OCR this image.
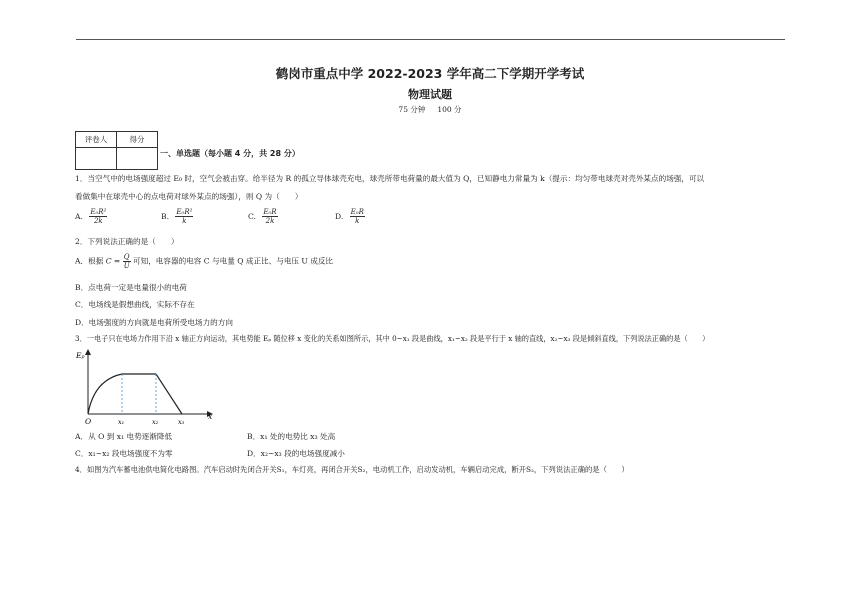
鹤岗市重点中学 2022-2023 学年高二下学期开学考试
物理试题
75 分钟 100 分
评卷人	得分

一、单选题（每小题 4 分，共 28 分）
1．当空气中的电场强度超过 E₀ 时，空气会被击穿。给半径为 R 的孤立导体球壳充电，球壳所带电荷量的最大值为 Q，已知静电力常量为 k（提示：均匀带电球壳对壳外某点的场强，可以
看做集中在球壳中心的点电荷对球外某点的场强），则 Q 为（　　）
A. $\frac{\text{E₀R²}}{2k}$	B. $\frac{\text{E₀R²}}{k}$	C. $\frac{\text{E₀R}}{2k}$	D. $\frac{\text{E₀R}}{k}$
2．下列说法正确的是（　　）
A．根据 $C = \frac{Q}{U}$ 可知，电容器的电容 C 与电量 Q 成正比、与电压 U 成反比
B．点电荷一定是电量很小的电荷
C．电场线是假想曲线，实际不存在
D．电场强度的方向就是电荷所受电场力的方向
3．一电子只在电场力作用下沿 x 轴正方向运动，其电势能 Eₚ 随位移 x 变化的关系如图所示，其中 0~x₁ 段是曲线，x₁~x₂ 段是平行于 x 轴的直线，x₂~x₃ 段是倾斜直线，下列说法正确的是（　　）
Eₚ
x
O	x₁	x₂	x₃
A．从 O 到 x₁ 电势逐渐降低	B．x₁ 处的电势比 x₃ 处高
C．x₁~x₂ 段电场强度不为零	D．x₂~x₃ 段的电场强度减小
4．如图为汽车蓄电池供电简化电路图。汽车启动时先闭合开关S₁，车灯亮，再闭合开关S₂，电动机工作，启动发动机，车辆启动完成，断开S₂，下列说法正确的是（　　）
